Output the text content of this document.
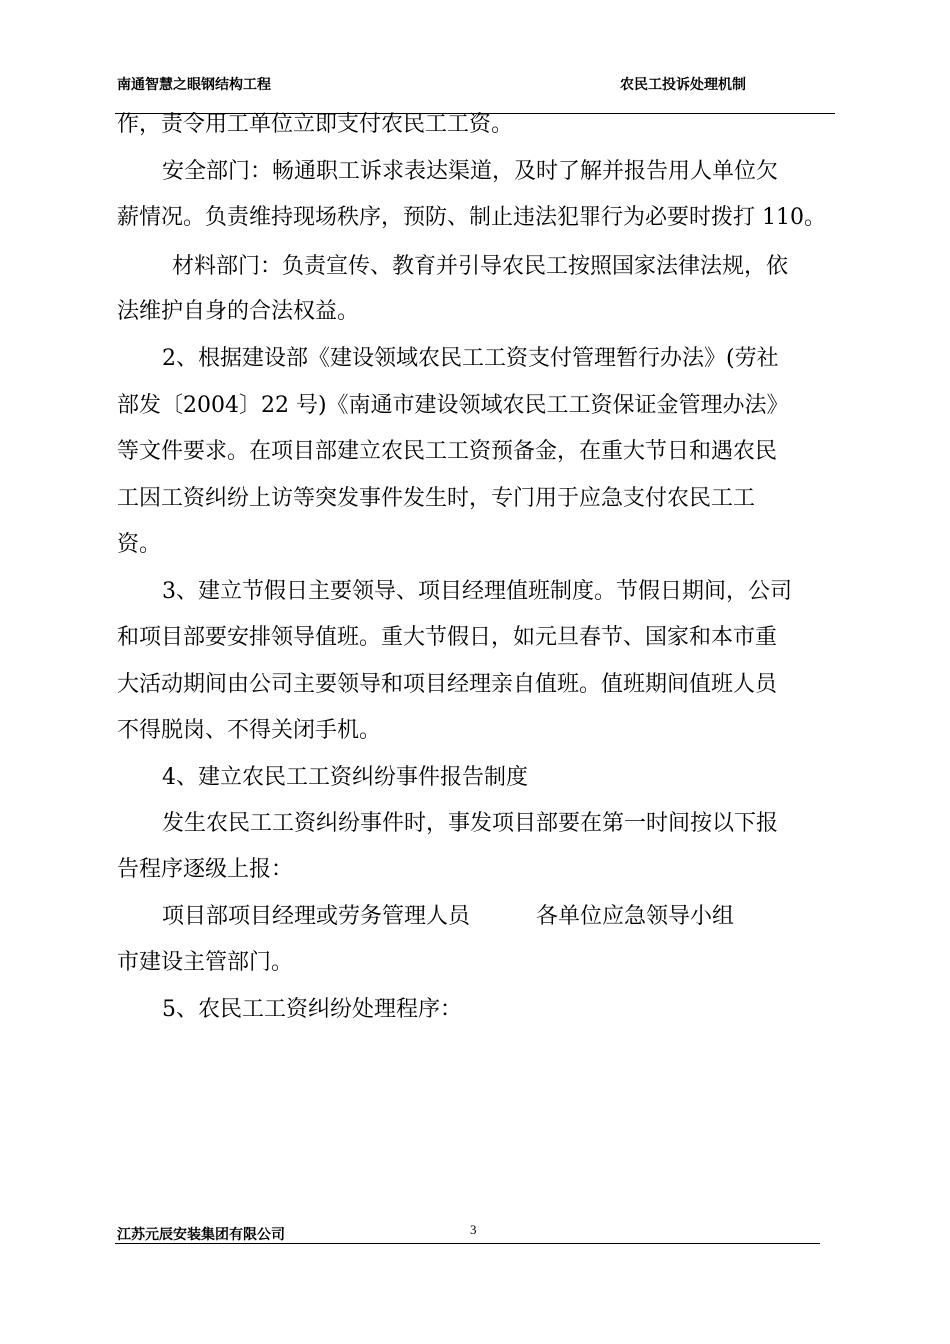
南通智慧之眼钢结构工程	农民工投诉处理机制
作，责令用工单位立即支付农民工工资。
安全部门：畅通职工诉求表达渠道，及时了解并报告用人单位欠
薪情况。负责维持现场秩序，预防、制止违法犯罪行为必要时拨打 110。
材料部门：负责宣传、教育并引导农民工按照国家法律法规，依
法维护自身的合法权益。
2、根据建设部《建设领域农民工工资支付管理暂行办法》(劳社
部发〔2004〕22 号)《南通市建设领域农民工工资保证金管理办法》
等文件要求。在项目部建立农民工工资预备金，在重大节日和遇农民
工因工资纠纷上访等突发事件发生时，专门用于应急支付农民工工
资。
3、建立节假日主要领导、项目经理值班制度。节假日期间，公司
和项目部要安排领导值班。重大节假日，如元旦春节、国家和本市重
大活动期间由公司主要领导和项目经理亲自值班。值班期间值班人员
不得脱岗、不得关闭手机。
4、建立农民工工资纠纷事件报告制度
发生农民工工资纠纷事件时，事发项目部要在第一时间按以下报
告程序逐级上报：
项目部项目经理或劳务管理人员　　　各单位应急领导小组
市建设主管部门。
5、农民工工资纠纷处理程序：
江苏元辰安装集团有限公司	3
